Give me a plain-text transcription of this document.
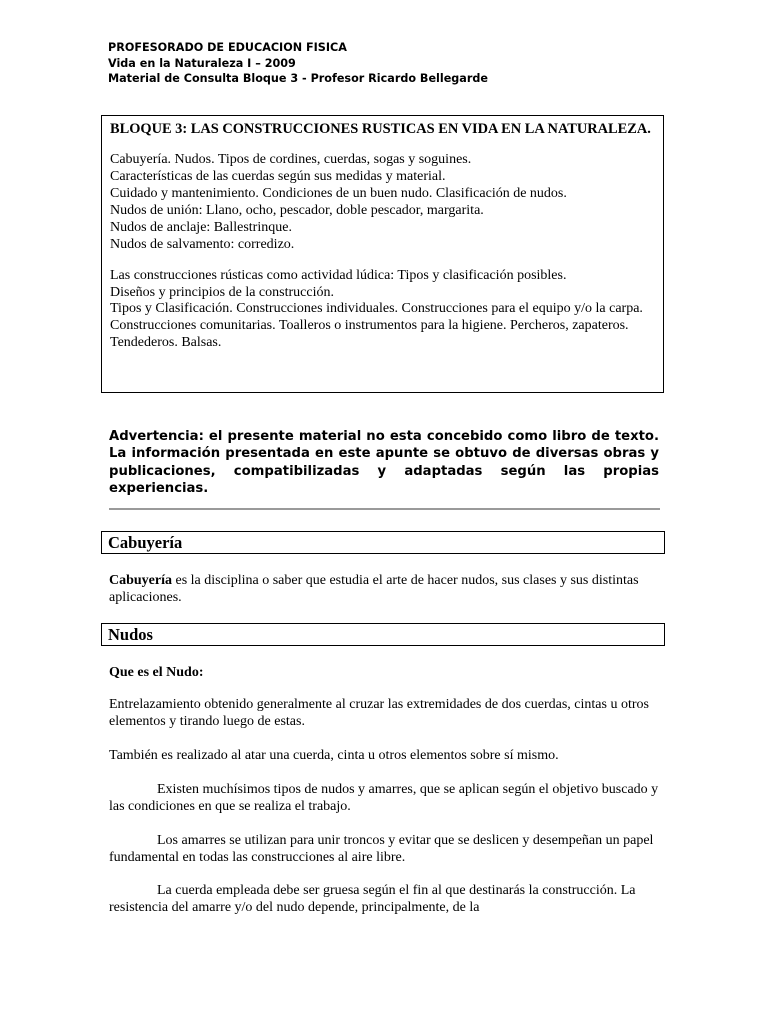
PROFESORADO DE EDUCACION FISICA
Vida en la Naturaleza I – 2009
Material de Consulta Bloque 3 - Profesor Ricardo Bellegarde
BLOQUE 3: LAS CONSTRUCCIONES RUSTICAS EN VIDA EN LA NATURALEZA.
Cabuyería. Nudos. Tipos de cordines, cuerdas, sogas y soguines.
Características de las cuerdas según sus medidas y material.
Cuidado y mantenimiento. Condiciones de un buen nudo. Clasificación de nudos.
Nudos de unión: Llano, ocho, pescador, doble pescador, margarita.
Nudos de anclaje: Ballestrinque.
Nudos de salvamento: corredizo.
Las construcciones rústicas como actividad lúdica: Tipos y clasificación posibles.
Diseños y principios de la construcción.
Tipos y Clasificación. Construcciones individuales. Construcciones para el equipo y/o la carpa.
Construcciones comunitarias. Toalleros o instrumentos para la higiene. Percheros, zapateros. Tendederos. Balsas.
Advertencia: el presente material no esta concebido como libro de texto. La información presentada en este apunte se obtuvo de diversas obras y publicaciones, compatibilizadas y adaptadas según las propias experiencias.
Cabuyería
Cabuyería es la disciplina o saber que estudia el arte de hacer nudos, sus clases y sus distintas aplicaciones.
Nudos
Que es el Nudo:
Entrelazamiento obtenido generalmente al cruzar las extremidades de dos cuerdas, cintas u otros elementos y tirando luego de estas.
También es realizado al atar una cuerda, cinta u otros elementos sobre sí mismo.
Existen muchísimos tipos de nudos y amarres, que se aplican según el objetivo buscado y las condiciones en que se realiza el trabajo.
Los amarres se utilizan para unir troncos y evitar que se deslicen y desempeñan un papel fundamental en todas las construcciones al aire libre.
La cuerda empleada debe ser gruesa según el fin al que destinarás la construcción. La resistencia del amarre y/o del nudo depende, principalmente, de la
